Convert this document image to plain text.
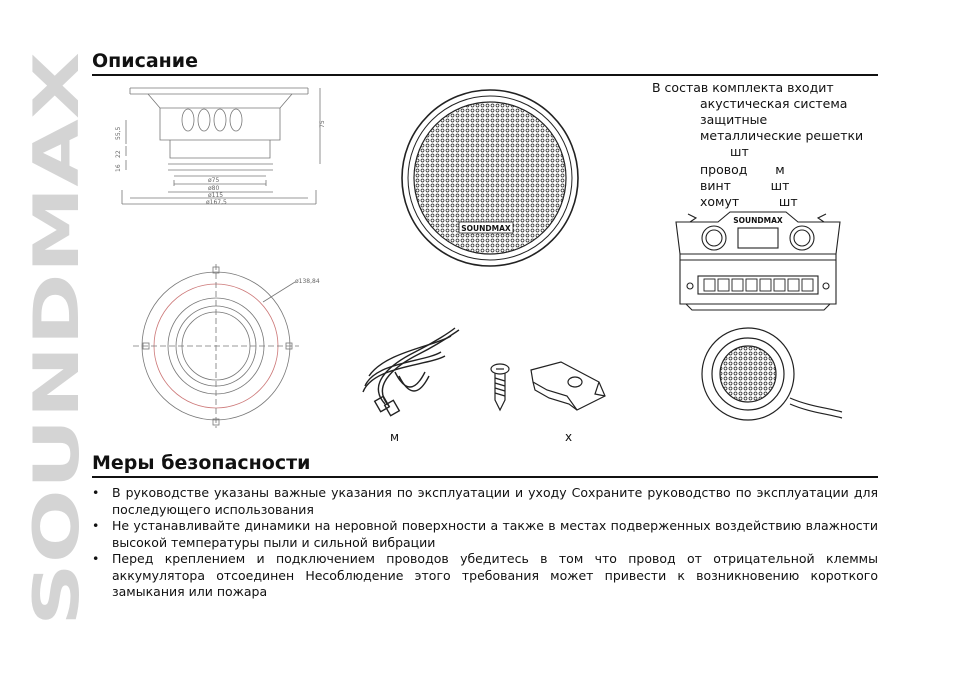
SOUNDMAX
Описание
В состав комплекта входит
акустическая система
защитные
металлические решетки
шт
провод       м
винт          шт
хомут          шт
ø75
ø80
ø115
ø167,5
55,5
75
22
16
ø138,84
SOUNDMAX
SOUNDMAX
м	х
Меры безопасности
• В руководстве указаны важные указания по эксплуатации и уходу Сохраните руководство по эксплуатации для последующего использования
• Не устанавливайте динамики на неровной поверхности а также в местах подверженных воздействию влажности высокой температуры пыли и сильной вибрации
• Перед креплением и подключением проводов убедитесь в том что провод от отрицательной клеммы аккумулятора отсоединен Несоблюдение этого требования может привести к возникновению короткого замыкания или пожара
